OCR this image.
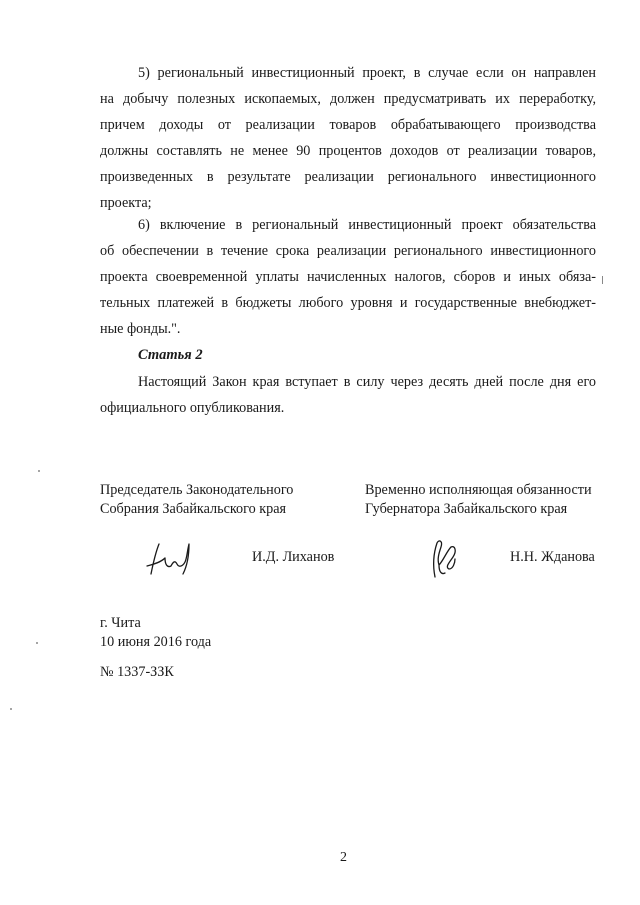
5) региональный инвестиционный проект, в случае если он направлен
на добычу полезных ископаемых, должен предусматривать их переработку,
причем доходы от реализации товаров обрабатывающего производства
должны составлять не менее 90 процентов доходов от реализации товаров,
произведенных в результате реализации регионального инвестиционного
проекта;
6) включение в региональный инвестиционный проект обязательства
об обеспечении в течение срока реализации регионального инвестиционного
проекта своевременной уплаты начисленных налогов, сборов и иных обяза-
тельных платежей в бюджеты любого уровня и государственные внебюджет-
ные фонды.".
Статья 2
Настоящий Закон края вступает в силу через десять дней после дня его
официального опубликования.
Председатель Законодательного
Собрания Забайкальского края
Временно исполняющая обязанности
Губернатора Забайкальского края
И.Д. Лиханов	Н.Н. Жданова
г. Чита
10 июня 2016 года
№ 1337-ЗЗК
2
